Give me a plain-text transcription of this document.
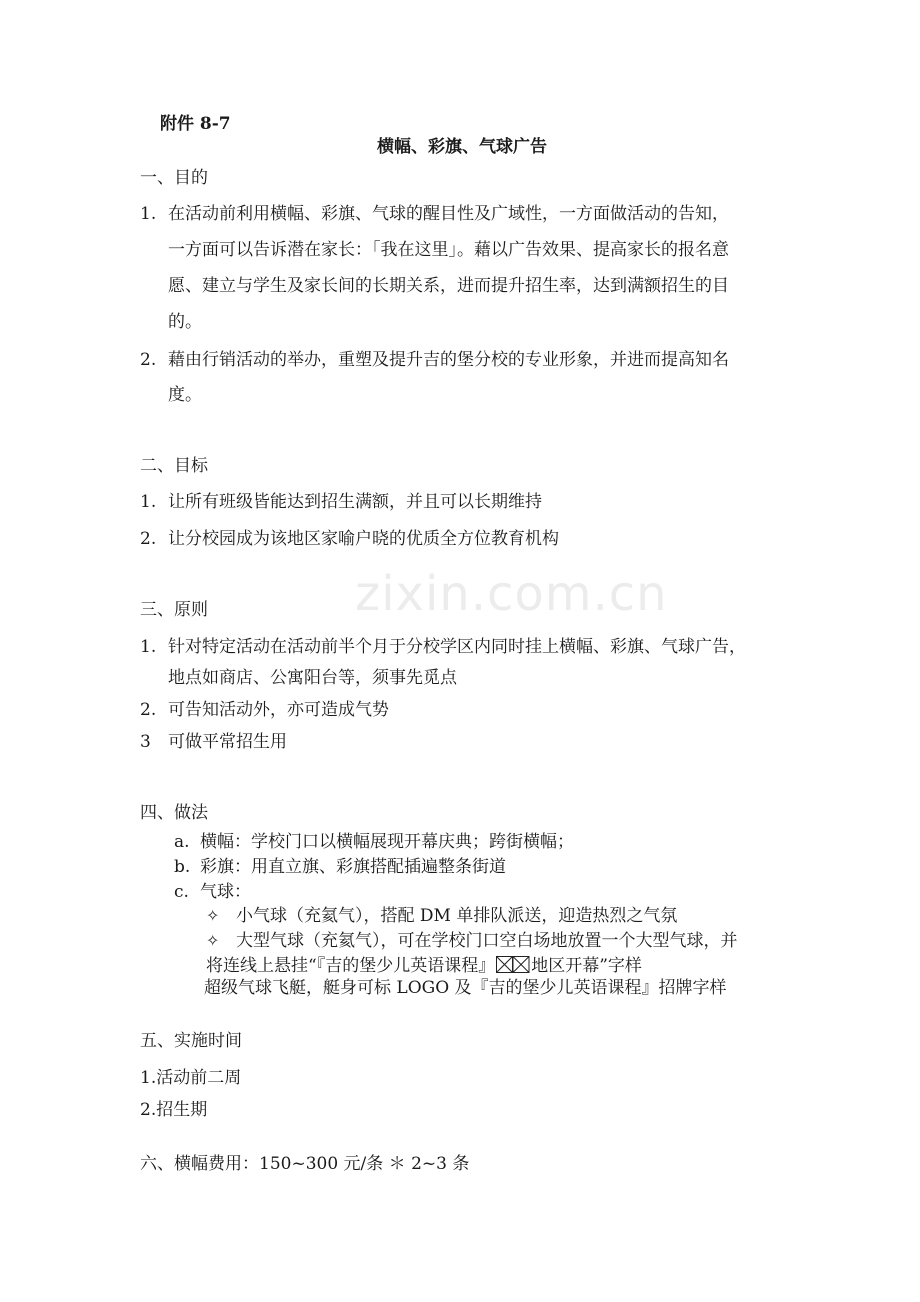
zixin.com.cn
附件 8-7
横幅、彩旗、气球广告
一、目的
1. 在活动前利用横幅、彩旗、气球的醒目性及广域性，一方面做活动的告知，
一方面可以告诉潜在家长：「我在这里」。藉以广告效果、提高家长的报名意
愿、建立与学生及家长间的长期关系，进而提升招生率，达到满额招生的目
的。
2. 藉由行销活动的举办，重塑及提升吉的堡分校的专业形象，并进而提高知名
度。
二、目标
1. 让所有班级皆能达到招生满额，并且可以长期维持
2. 让分校园成为该地区家喻户晓的优质全方位教育机构
三、原则
1. 针对特定活动在活动前半个月于分校学区内同时挂上横幅、彩旗、气球广告，
地点如商店、公寓阳台等，须事先觅点
2. 可告知活动外，亦可造成气势
3 可做平常招生用
四、做法
a. 横幅：学校门口以横幅展现开幕庆典；跨街横幅；
b. 彩旗：用直立旗、彩旗搭配插遍整条街道
c. 气球：
✧ 小气球（充氦气），搭配 DM 单排队派送，迎造热烈之气氛
✧ 大型气球（充氦气），可在学校门口空白场地放置一个大型气球，并
将连线上悬挂“『吉的堡少儿英语课程』 地区开幕”字样
超级气球飞艇，艇身可标 LOGO 及『吉的堡少儿英语课程』招牌字样
五、实施时间
1.活动前二周
2.招生期
六、横幅费用：150~300 元/条 ＊ 2~3 条
